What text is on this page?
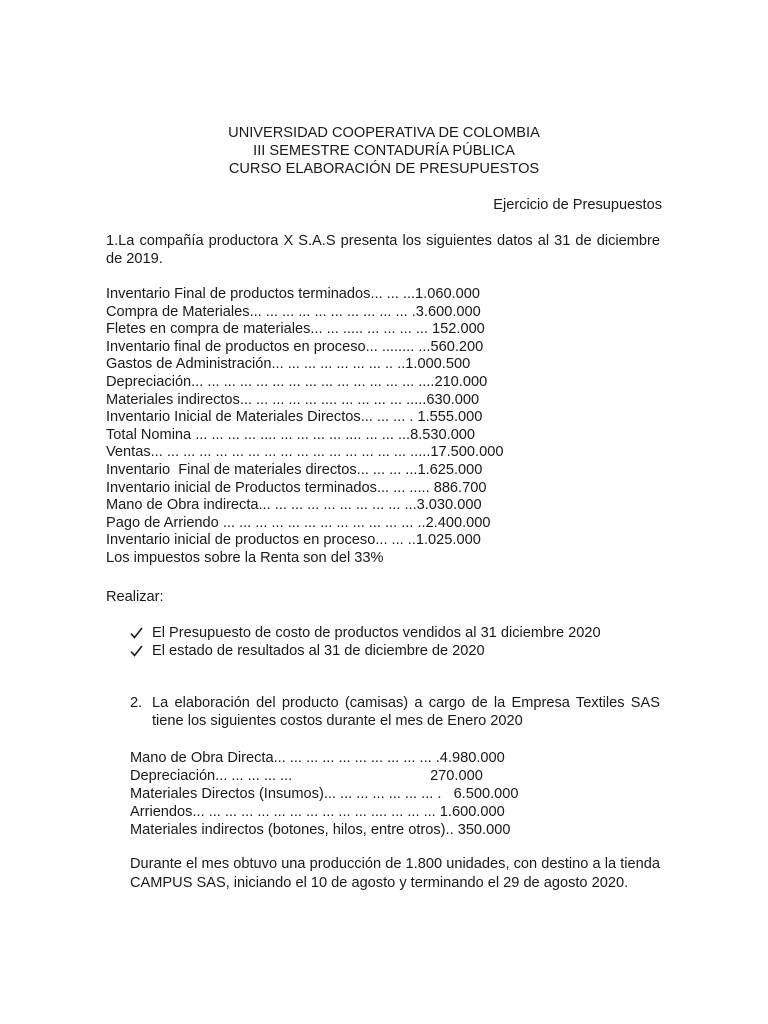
UNIVERSIDAD COOPERATIVA DE COLOMBIA
III SEMESTRE CONTADURÍA PÚBLICA
CURSO ELABORACIÓN DE PRESUPUESTOS
Ejercicio de Presupuestos
1.La compañía productora X S.A.S presenta los siguientes datos al 31 de diciembre de 2019.
Inventario Final de productos terminados... ... ...1.060.000
Compra de Materiales... ... ... ... ... ... ... ... ... ... .3.600.000
Fletes en compra de materiales... ... ..... ... ... ... ... 152.000
Inventario final de productos en proceso... ........ ...560.200
Gastos de Administración... ... ... ... ... ... ... .. ..1.000.500
Depreciación... ... ... ... ... ... ... ... ... ... ... ... ... ... ....210.000
Materiales indirectos... ... ... ... ... .... ... ... ... ... .....630.000
Inventario Inicial de Materiales Directos... ... ... . 1.555.000
Total Nomina ... ... ... ... .... ... ... ... ... .... ... ... ...8.530.000
Ventas... ... ... ... ... ... ... ... ... ... ... ... ... ... ... ... .....17.500.000
Inventario  Final de materiales directos... ... ... ...1.625.000
Inventario inicial de Productos terminados... ... ..... 886.700
Mano de Obra indirecta... ... ... ... ... ... ... ... ... ...3.030.000
Pago de Arriendo ... ... ... ... ... ... ... ... ... ... ... ... ..2.400.000
Inventario inicial de productos en proceso... ... ..1.025.000
Los impuestos sobre la Renta son del 33%
Realizar:
El Presupuesto de costo de productos vendidos al 31 diciembre 2020
El estado de resultados al 31 de diciembre de 2020
2. La elaboración del producto (camisas) a cargo de la Empresa Textiles SAS tiene los siguientes costos durante el mes de Enero 2020
Mano de Obra Directa... ... ... ... ... ... ... ... ... ... .4.980.000
Depreciación... ... ... ... ...                                  270.000
Materiales Directos (Insumos)... ... ... ... ... ... ... .   6.500.000
Arriendos... ... ... ... ... ... ... ... ... ... ... .... ... ... ... 1.600.000
Materiales indirectos (botones, hilos, entre otros).. 350.000
Durante el mes obtuvo una producción de 1.800 unidades, con destino a la tienda CAMPUS SAS, iniciando el 10 de agosto y terminando el 29 de agosto 2020.
